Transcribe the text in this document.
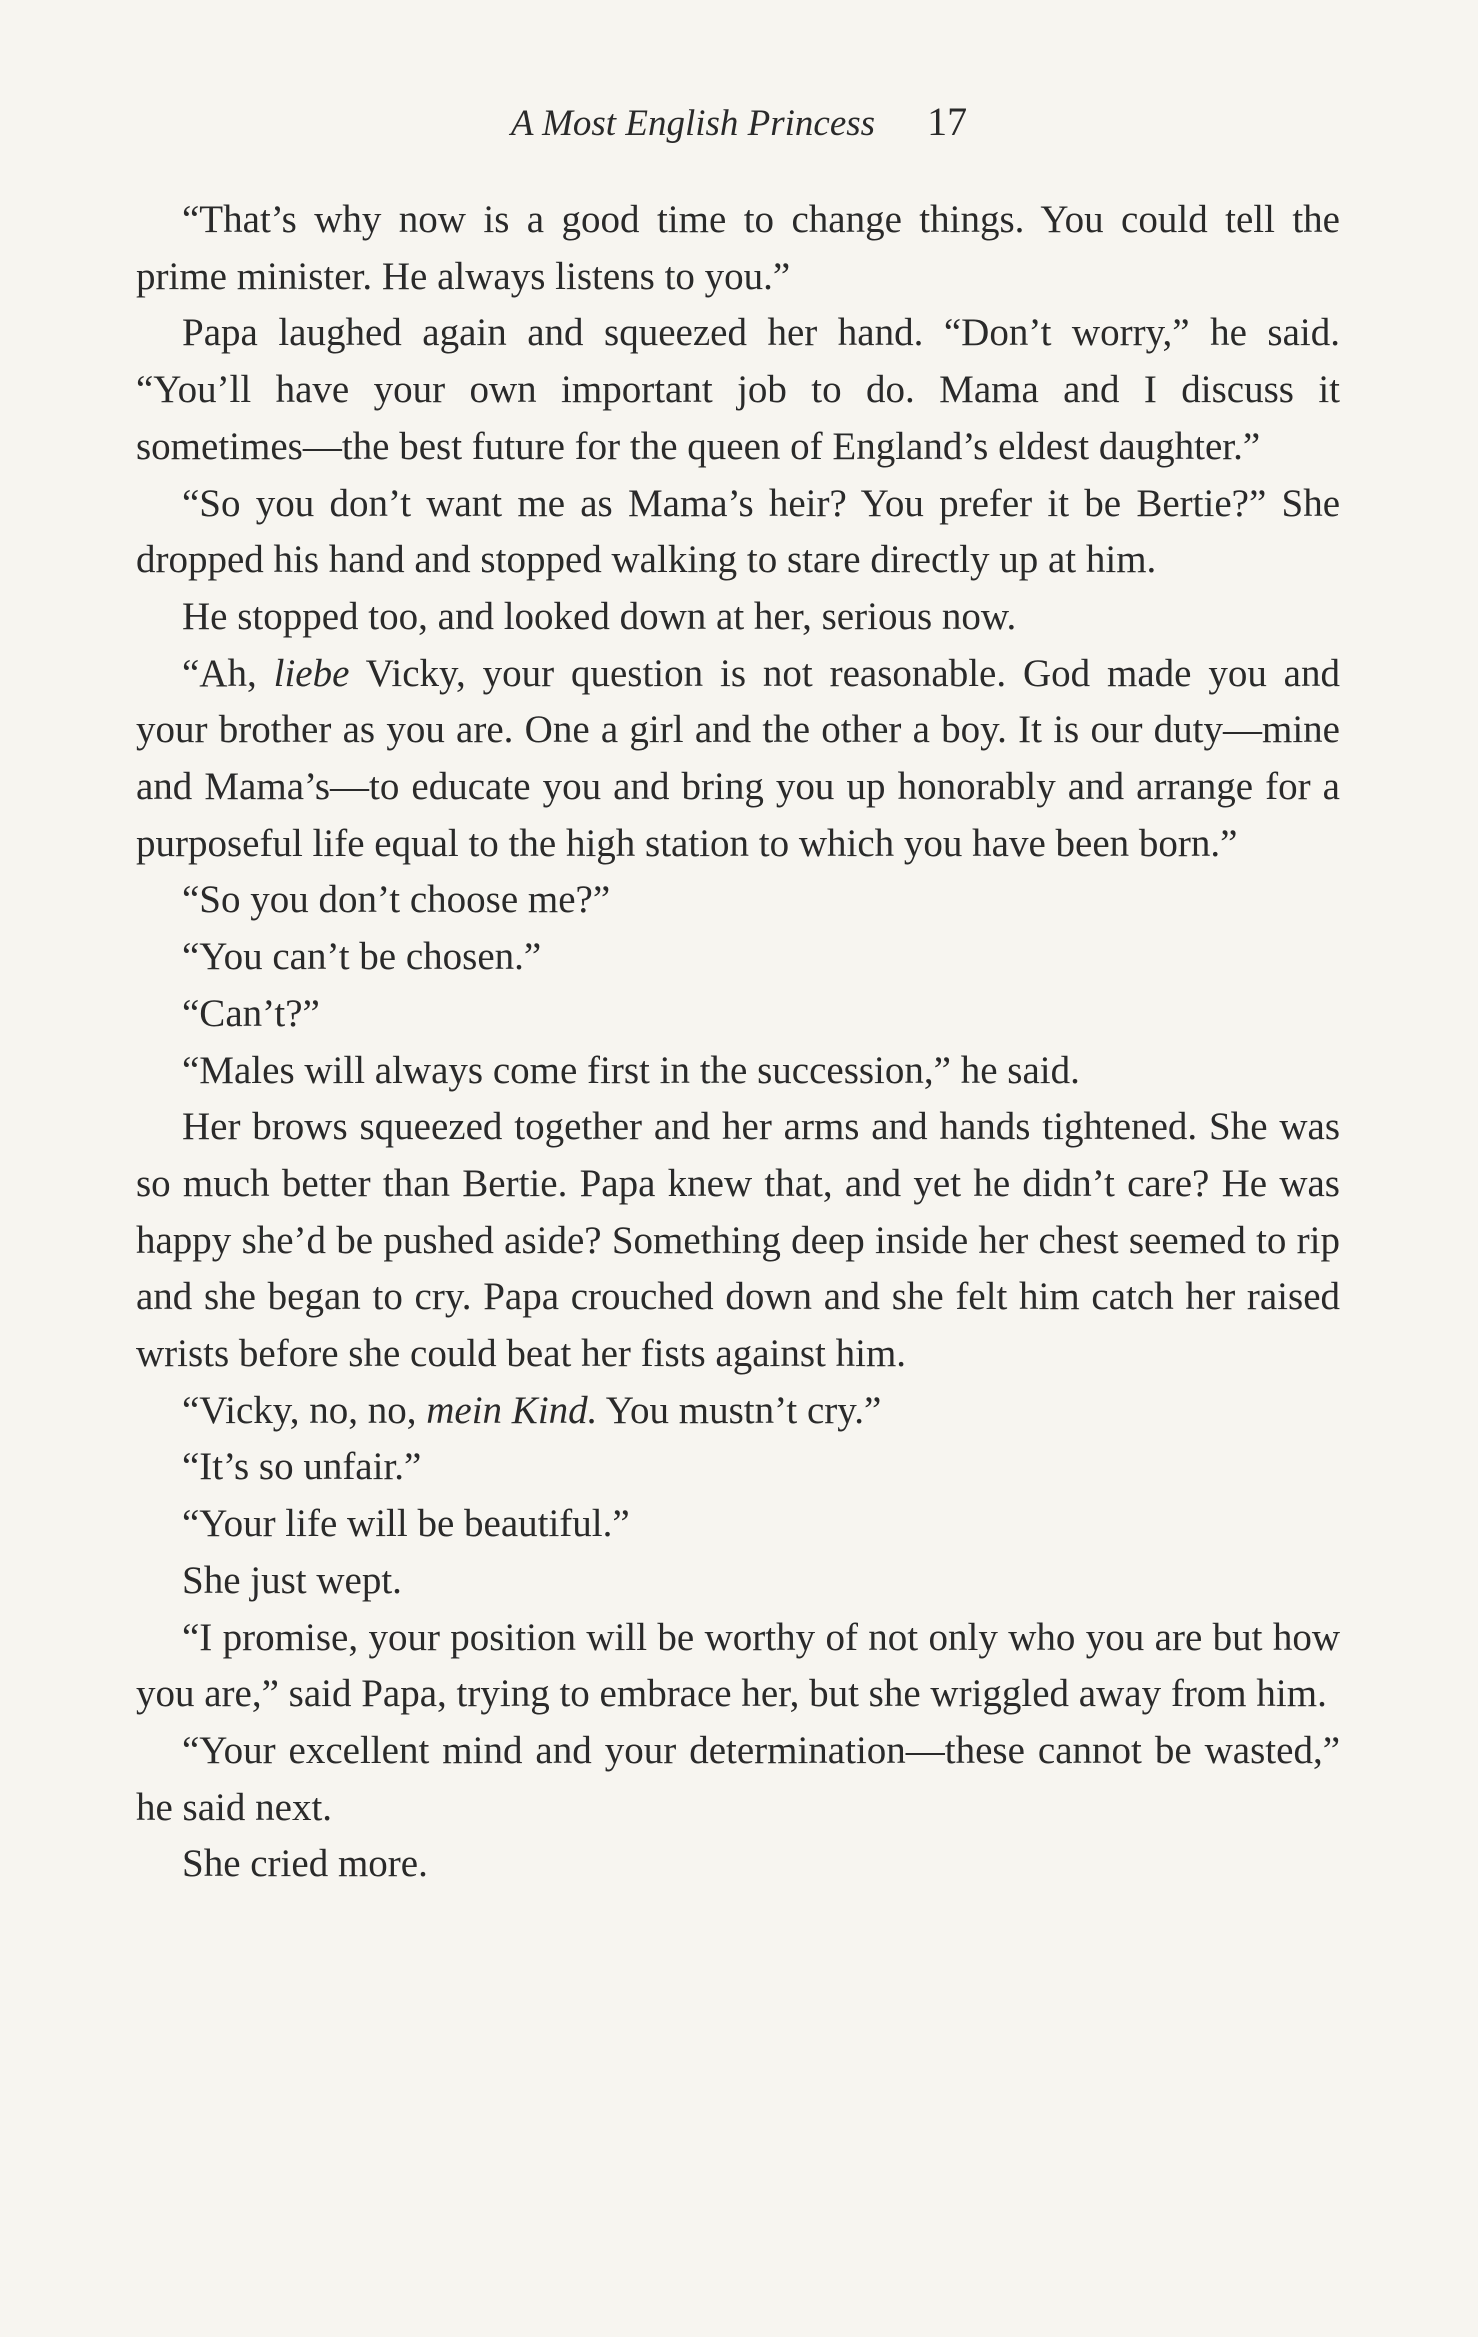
A Most English Princess 17

“That’s why now is a good time to change things. You could tell the prime minister. He always listens to you.”

Papa laughed again and squeezed her hand. “Don’t worry,” he said. “You’ll have your own important job to do. Mama and I discuss it sometimes—the best future for the queen of England’s eldest daughter.”

“So you don’t want me as Mama’s heir? You prefer it be Bertie?” She dropped his hand and stopped walking to stare directly up at him.

He stopped too, and looked down at her, serious now.

“Ah, liebe Vicky, your question is not reasonable. God made you and your brother as you are. One a girl and the other a boy. It is our duty—mine and Mama’s—to educate you and bring you up honorably and arrange for a purposeful life equal to the high station to which you have been born.”

“So you don’t choose me?”

“You can’t be chosen.”

“Can’t?”

“Males will always come first in the succession,” he said.

Her brows squeezed together and her arms and hands tightened. She was so much better than Bertie. Papa knew that, and yet he didn’t care? He was happy she’d be pushed aside? Something deep inside her chest seemed to rip and she began to cry. Papa crouched down and she felt him catch her raised wrists before she could beat her fists against him.

“Vicky, no, no, mein Kind. You mustn’t cry.”

“It’s so unfair.”

“Your life will be beautiful.”

She just wept.

“I promise, your position will be worthy of not only who you are but how you are,” said Papa, trying to embrace her, but she wriggled away from him.

“Your excellent mind and your determination—these cannot be wasted,” he said next.

She cried more.
